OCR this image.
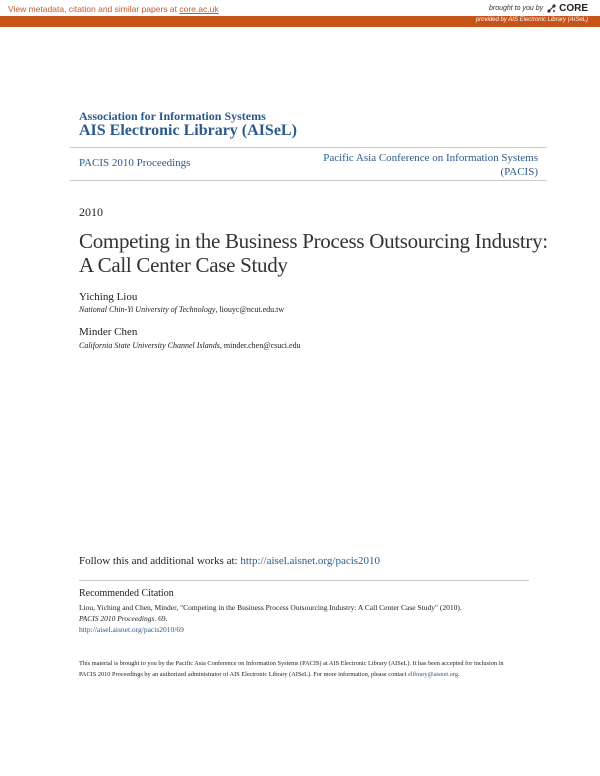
View metadata, citation and similar papers at core.ac.uk	brought to you by CORE
provided by AIS Electronic Library (AISeL)
Association for Information Systems
AIS Electronic Library (AISeL)
PACIS 2010 Proceedings	Pacific Asia Conference on Information Systems
(PACIS)
2010
Competing in the Business Process Outsourcing Industry: A Call Center Case Study
Yiching Liou
National Chin-Yi University of Technology, liouyc@ncut.edu.tw
Minder Chen
California State University Channel Islands, minder.chen@csuci.edu
Follow this and additional works at: http://aisel.aisnet.org/pacis2010
Recommended Citation
Liou, Yiching and Chen, Minder, "Competing in the Business Process Outsourcing Industry: A Call Center Case Study" (2010).
PACIS 2010 Proceedings. 69.
http://aisel.aisnet.org/pacis2010/69
This material is brought to you by the Pacific Asia Conference on Information Systems (PACIS) at AIS Electronic Library (AISeL). It has been accepted for inclusion in PACIS 2010 Proceedings by an authorized administrator of AIS Electronic Library (AISeL). For more information, please contact elibrary@aisnet.org.
